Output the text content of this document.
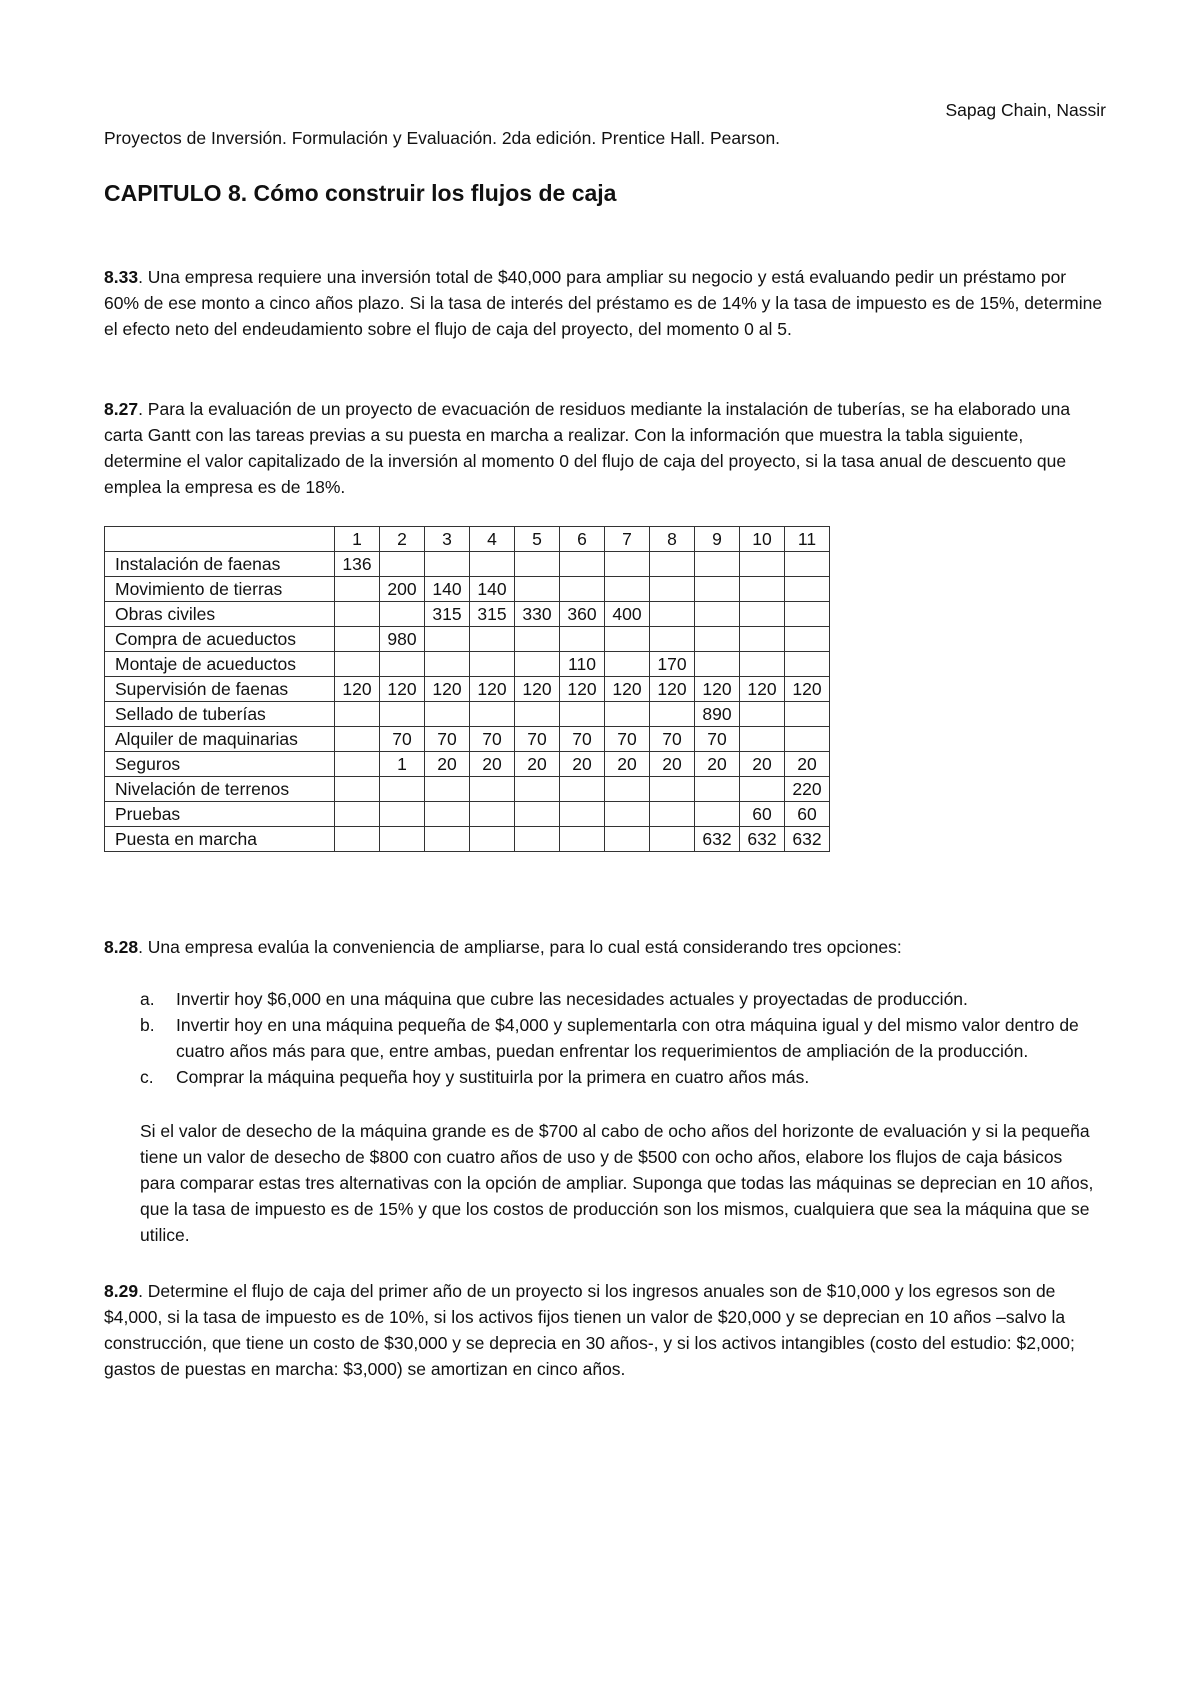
Sapag Chain, Nassir
Proyectos de Inversión. Formulación y Evaluación. 2da edición. Prentice Hall. Pearson.
CAPITULO 8. Cómo construir los flujos de caja

8.33. Una empresa requiere una inversión total de $40,000 para ampliar su negocio y está evaluando pedir un préstamo por 60% de ese monto a cinco años plazo. Si la tasa de interés del préstamo es de 14% y la tasa de impuesto es de 15%, determine el efecto neto del endeudamiento sobre el flujo de caja del proyecto, del momento 0 al 5.

8.27. Para la evaluación de un proyecto de evacuación de residuos mediante la instalación de tuberías, se ha elaborado una carta Gantt con las tareas previas a su puesta en marcha a realizar. Con la información que muestra la tabla siguiente, determine el valor capitalizado de la inversión al momento 0 del flujo de caja del proyecto, si la tasa anual de descuento que emplea la empresa es de 18%.

	1	2	3	4	5	6	7	8	9	10	11
Instalación de faenas	136										
Movimiento de tierras		200	140	140							
Obras civiles			315	315	330	360	400				
Compra de acueductos		980									
Montaje de acueductos						110		170			
Supervisión de faenas	120	120	120	120	120	120	120	120	120	120	120
Sellado de tuberías									890		
Alquiler de maquinarias		70	70	70	70	70	70	70	70		
Seguros		1	20	20	20	20	20	20	20	20	20
Nivelación de terrenos											220
Pruebas										60	60
Puesta en marcha									632	632	632

8.28. Una empresa evalúa la conveniencia de ampliarse, para lo cual está considerando tres opciones:

a. Invertir hoy $6,000 en una máquina que cubre las necesidades actuales y proyectadas de producción.
b. Invertir hoy en una máquina pequeña de $4,000 y suplementarla con otra máquina igual y del mismo valor dentro de cuatro años más para que, entre ambas, puedan enfrentar los requerimientos de ampliación de la producción.
c. Comprar la máquina pequeña hoy y sustituirla por la primera en cuatro años más.

Si el valor de desecho de la máquina grande es de $700 al cabo de ocho años del horizonte de evaluación y si la pequeña tiene un valor de desecho de $800 con cuatro años de uso y de $500 con ocho años, elabore los flujos de caja básicos para comparar estas tres alternativas con la opción de ampliar. Suponga que todas las máquinas se deprecian en 10 años, que la tasa de impuesto es de 15% y que los costos de producción son los mismos, cualquiera que sea la máquina que se utilice.

8.29. Determine el flujo de caja del primer año de un proyecto si los ingresos anuales son de $10,000 y los egresos son de $4,000, si la tasa de impuesto es de 10%, si los activos fijos tienen un valor de $20,000 y se deprecian en 10 años –salvo la construcción, que tiene un costo de $30,000 y se deprecia en 30 años-, y si los activos intangibles (costo del estudio: $2,000; gastos de puestas en marcha: $3,000) se amortizan en cinco años.
